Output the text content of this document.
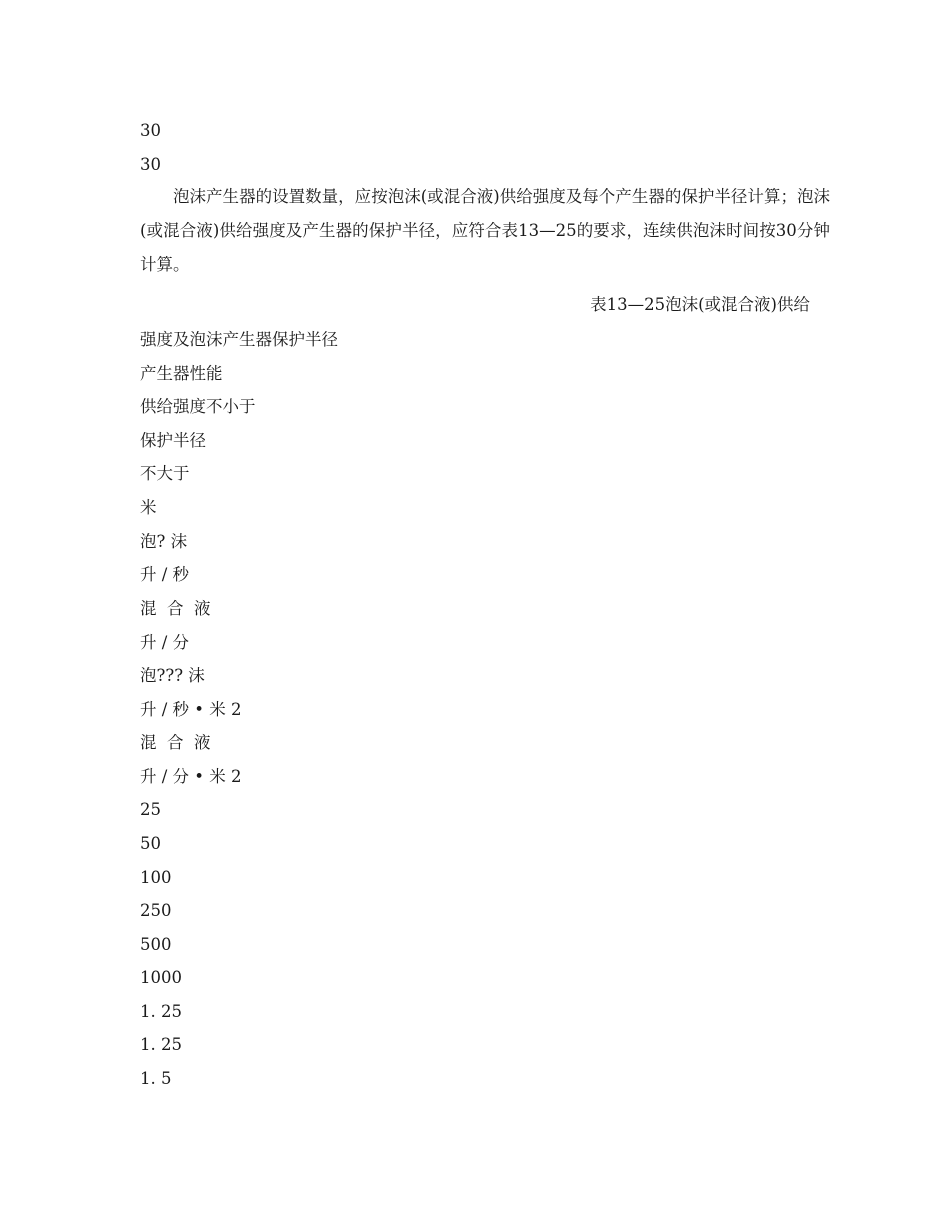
30
30
泡沫产生器的设置数量，应按泡沫(或混合液)供给强度及每个产生器的保护半径计算；泡沫(或混合液)供给强度及产生器的保护半径，应符合表13—25的要求，连续供泡沫时间按30分钟计算。
表13—25泡沫(或混合液)供给
强度及泡沫产生器保护半径
产生器性能
供给强度不小于
保护半径
不大于
米
泡? 沫
升 / 秒
混  合  液
升 / 分
泡??? 沫
升 / 秒 • 米 2
混  合  液
升 / 分 • 米 2
25
50
100
250
500
1000
1. 25
1. 25
1. 5
